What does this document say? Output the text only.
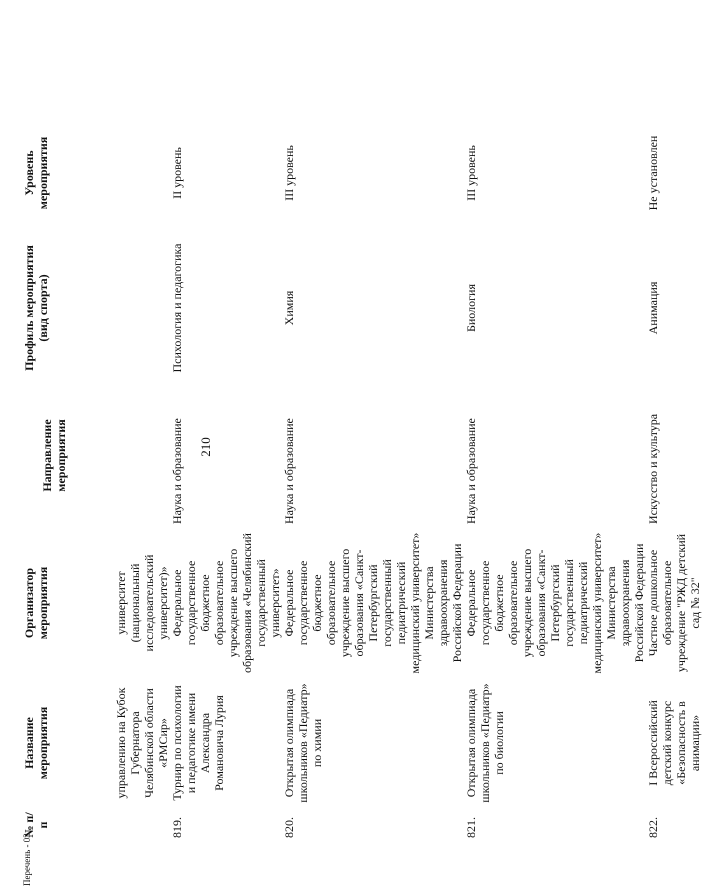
Перечень - 03
210
№ п/п	Название мероприятия	Организатор мероприятия	Направление мероприятия	Профиль мероприятия (вид спорта)	Уровень мероприятия
	управлению на Кубок Губернатора Челябинской области «РМСир»	университет (национальный исследовательский университет)»			
819.	Турнир по психологии и педагогике имени Александра Романовича Лурия	Федеральное государственное бюджетное образовательное учреждение высшего образования «Челябинский государственный университет»	Наука и образование	Психология и педагогика	II уровень
820.	Открытая олимпиада школьников «Педиатр» по химии	Федеральное государственное бюджетное образовательное учреждение высшего образования «Санкт-Петербургский государственный педиатрический медицинский университет» Министерства здравоохранения Российской Федерации	Наука и образование	Химия	III уровень
821.	Открытая олимпиада школьников «Педиатр» по биологии	Федеральное государственное бюджетное образовательное учреждение высшего образования «Санкт-Петербургский государственный педиатрический медицинский университет» Министерства здравоохранения Российской Федерации	Наука и образование	Биология	III уровень
822.	I Всероссийский детский конкурс «Безопасность в анимации»	Частное дошкольное образовательное учреждение "РЖД детский сад № 32"	Искусство и культура	Анимация	Не установлен
